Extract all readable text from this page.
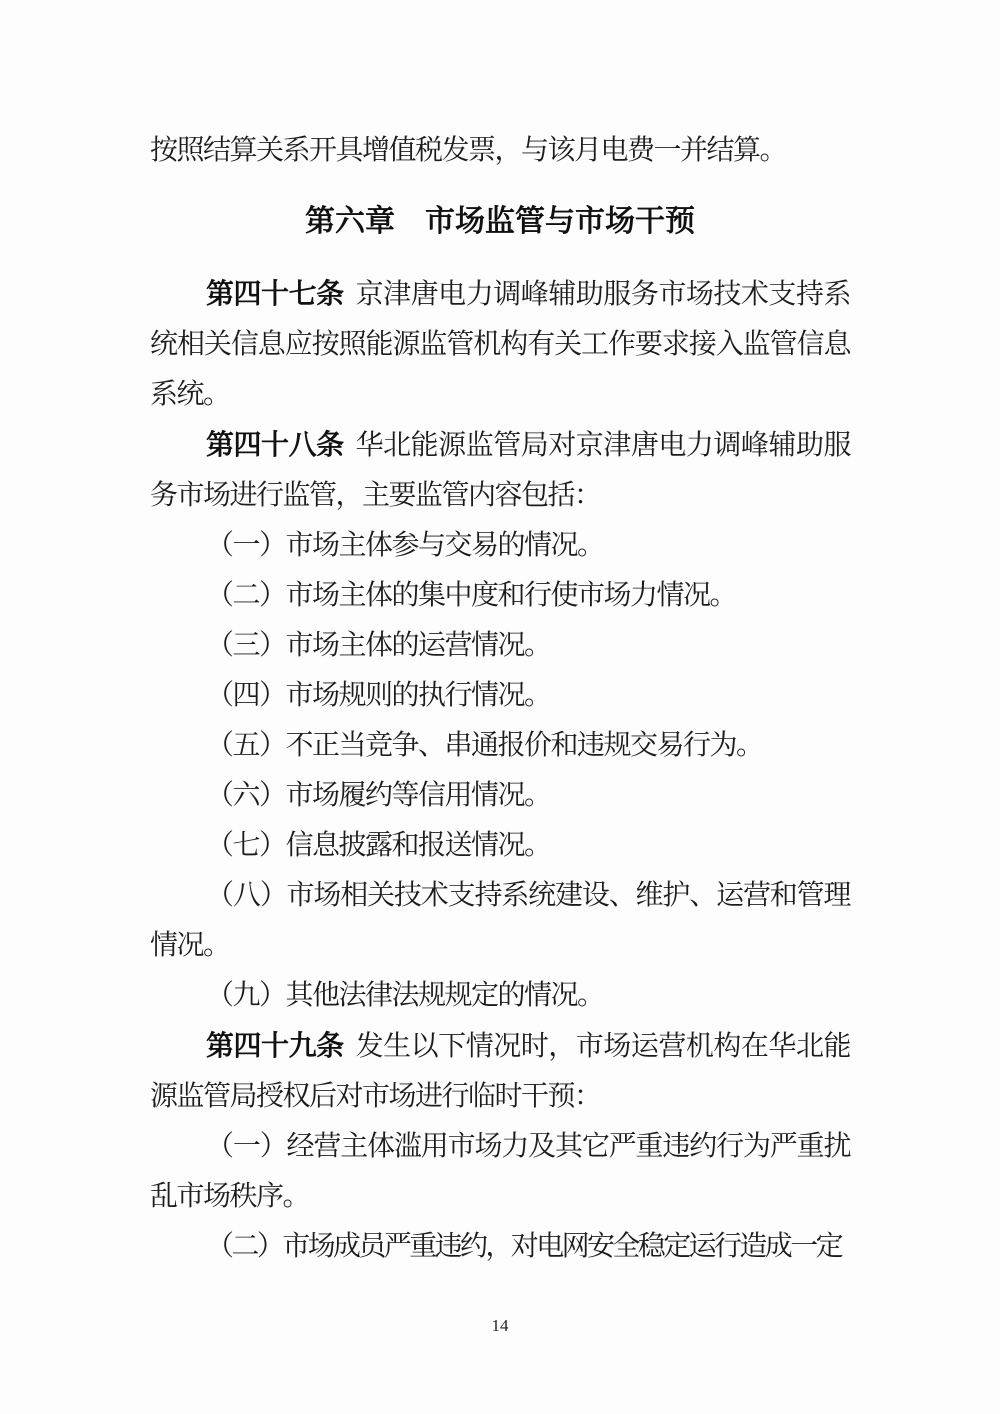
按照结算关系开具增值税发票，与该月电费一并结算。

第六章　市场监管与市场干预

第四十七条 京津唐电力调峰辅助服务市场技术支持系统相关信息应按照能源监管机构有关工作要求接入监管信息系统。

第四十八条 华北能源监管局对京津唐电力调峰辅助服务市场进行监管，主要监管内容包括：

（一）市场主体参与交易的情况。

（二）市场主体的集中度和行使市场力情况。

（三）市场主体的运营情况。

（四）市场规则的执行情况。

（五）不正当竞争、串通报价和违规交易行为。

（六）市场履约等信用情况。

（七）信息披露和报送情况。

（八）市场相关技术支持系统建设、维护、运营和管理情况。

（九）其他法律法规规定的情况。

第四十九条 发生以下情况时，市场运营机构在华北能源监管局授权后对市场进行临时干预：

（一）经营主体滥用市场力及其它严重违约行为严重扰乱市场秩序。

（二）市场成员严重违约，对电网安全稳定运行造成一定

14
